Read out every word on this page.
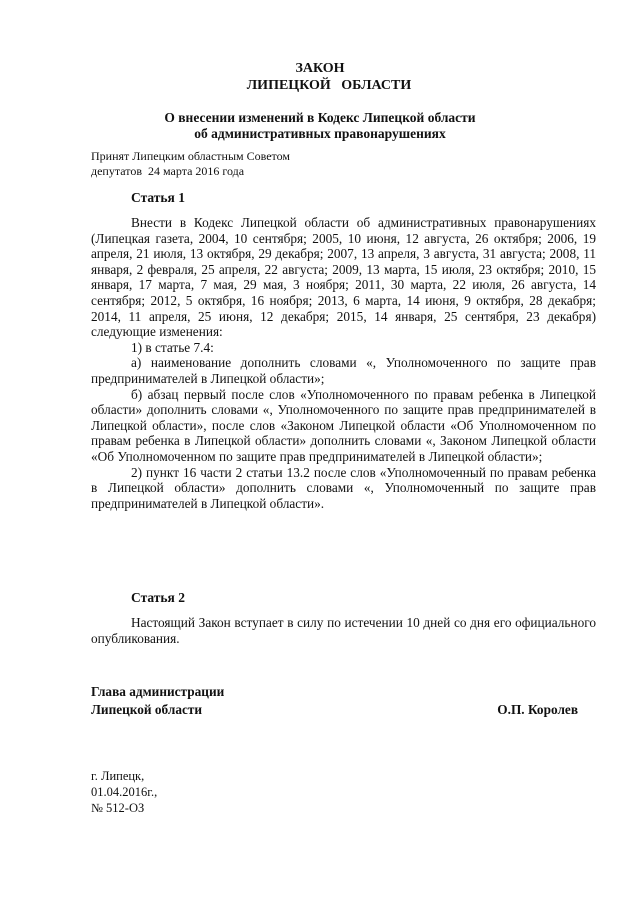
ЗАКОН
ЛИПЕЦКОЙ   ОБЛАСТИ
О внесении изменений в Кодекс Липецкой области
об административных правонарушениях
Принят Липецким областным Советом
депутатов  24 марта 2016 года
Статья 1

Внести в Кодекс Липецкой области об административных правонарушениях (Липецкая газета, 2004, 10 сентября; 2005, 10 июня, 12 августа, 26 октября; 2006, 19 апреля, 21 июля, 13 октября, 29 декабря; 2007, 13 апреля, 3 августа, 31 августа; 2008, 11 января, 2 февраля, 25 апреля, 22 августа; 2009, 13 марта, 15 июля, 23 октября; 2010, 15 января, 17 марта, 7 мая, 29 мая, 3 ноября; 2011, 30 марта, 22 июля, 26 августа, 14 сентября; 2012, 5 октября, 16 ноября; 2013, 6 марта, 14 июня, 9 октября, 28 декабря; 2014, 11 апреля, 25 июня, 12 декабря; 2015, 14 января, 25 сентября, 23 декабря) следующие изменения:

1) в статье 7.4:

а) наименование дополнить словами «, Уполномоченного по защите прав предпринимателей в Липецкой области»;

б) абзац первый после слов «Уполномоченного по правам ребенка в Липецкой области» дополнить словами «, Уполномоченного по защите прав предпринимателей в Липецкой области», после слов «Законом Липецкой области «Об Уполномоченном по правам ребенка в Липецкой области» дополнить словами «, Законом Липецкой области «Об Уполномоченном по защите прав предпринимателей в Липецкой области»;

2) пункт 16 части 2 статьи 13.2 после слов «Уполномоченный по правам ребенка в Липецкой области» дополнить словами «, Уполномоченный по защите прав предпринимателей в Липецкой области».

Статья 2

Настоящий Закон вступает в силу по истечении 10 дней со дня его официального опубликования.

Глава администрации
Липецкой области	О.П. Королев
г. Липецк,
01.04.2016г.,
№ 512-ОЗ
